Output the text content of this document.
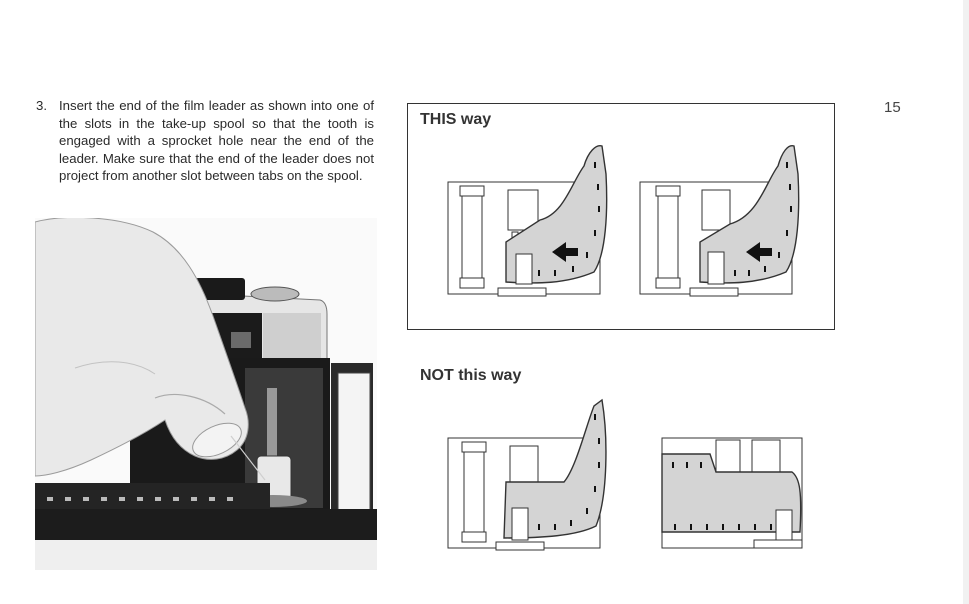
3. Insert the end of the film leader as shown into one of the slots in the take-up spool so that the tooth is engaged with a sprocket hole near the end of the leader. Make sure that the end of the leader does not project from another slot between tabs on the spool.
15
THIS way
NOT this way
